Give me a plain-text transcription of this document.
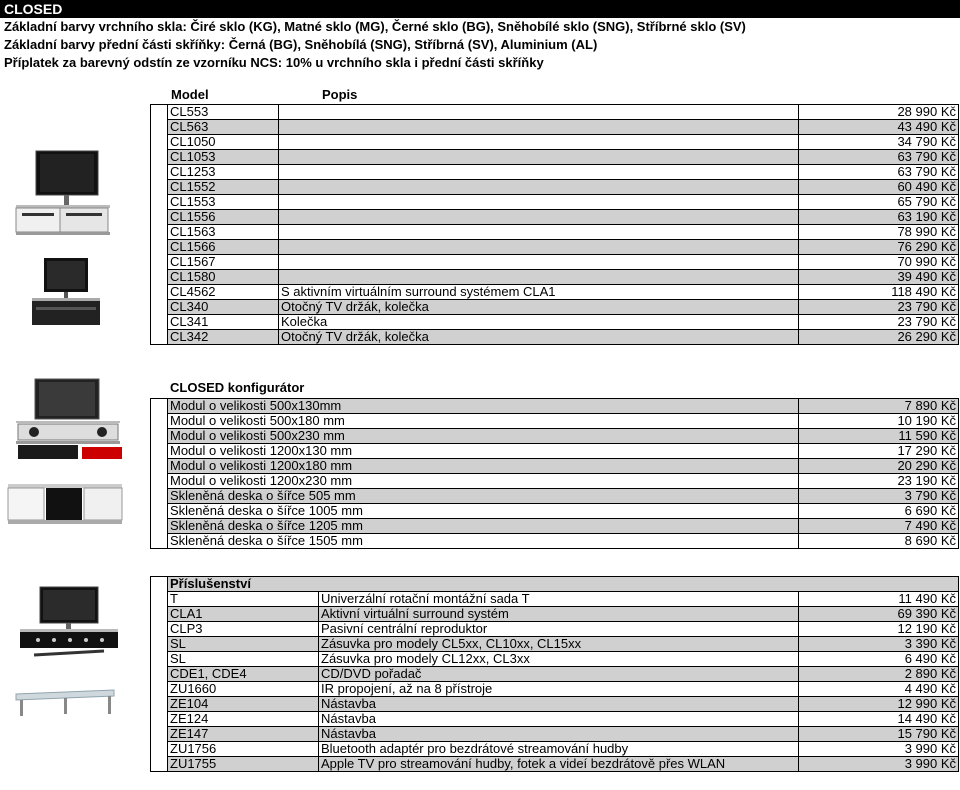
CLOSED
Základní barvy vrchního skla: Čiré sklo (KG), Matné sklo (MG), Černé sklo (BG), Sněhobílé sklo (SNG), Stříbrné sklo (SV)
Základní barvy přední části skříňky: Černá (BG), Sněhobílá (SNG), Stříbrná (SV), Aluminium (AL)
Příplatek za barevný odstín ze vzorníku NCS: 10% u vrchního skla i přední části skříňky
Model	Popis
	CL553		28 990 Kč
	CL563		43 490 Kč
	CL1050		34 790 Kč
	CL1053		63 790 Kč
	CL1253		63 790 Kč
	CL1552		60 490 Kč
	CL1553		65 790 Kč
	CL1556		63 190 Kč
	CL1563		78 990 Kč
	CL1566		76 290 Kč
	CL1567		70 990 Kč
	CL1580		39 490 Kč
	CL4562	S aktivním virtuálním surround systémem CLA1	118 490 Kč
	CL340	Otočný TV držák, kolečka	23 790 Kč
	CL341	Kolečka	23 790 Kč
	CL342	Otočný TV držák, kolečka	26 290 Kč
CLOSED konfigurátor
	Modul o velikosti 500x130mm	7 890 Kč
	Modul o velikosti 500x180 mm	10 190 Kč
	Modul o velikosti 500x230 mm	11 590 Kč
	Modul o velikosti 1200x130 mm	17 290 Kč
	Modul o velikosti 1200x180 mm	20 290 Kč
	Modul o velikosti 1200x230 mm	23 190 Kč
	Skleněná deska o šířce 505 mm	3 790 Kč
	Skleněná deska o šířce 1005 mm	6 690 Kč
	Skleněná deska o šířce 1205 mm	7 490 Kč
	Skleněná deska o šířce 1505 mm	8 690 Kč
	Příslušenství		
	T	Univerzální rotační montážní sada T	11 490 Kč
	CLA1	Aktivní virtuální surround systém	69 390 Kč
	CLP3	Pasivní centrální reproduktor	12 190 Kč
	SL	Zásuvka pro modely CL5xx, CL10xx, CL15xx	3 390 Kč
	SL	Zásuvka pro modely CL12xx, CL3xx	6 490 Kč
	CDE1, CDE4	CD/DVD pořadač	2 890 Kč
	ZU1660	IR propojení, až na 8 přístroje	4 490 Kč
	ZE104	Nástavba	12 990 Kč
	ZE124	Nástavba	14 490 Kč
	ZE147	Nástavba	15 790 Kč
	ZU1756	Bluetooth adaptér pro bezdrátové streamování hudby	3 990 Kč
	ZU1755	Apple TV pro streamování hudby, fotek a videí bezdrátově přes WLAN	3 990 Kč
